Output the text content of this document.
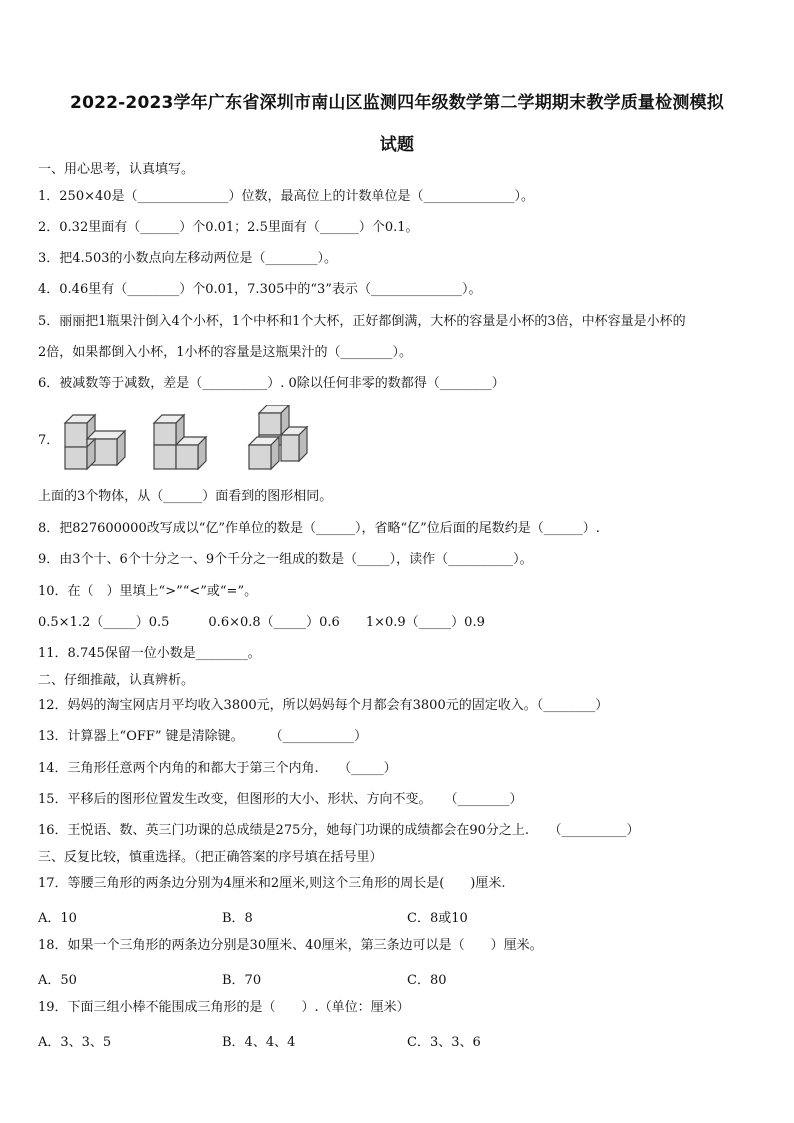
2022-2023学年广东省深圳市南山区监测四年级数学第二学期期末教学质量检测模拟
试题
一、用心思考，认真填写。
1．250×40是（______________）位数，最高位上的计数单位是（______________）。
2．0.32里面有（______）个0.01；2.5里面有（______）个0.1。
3．把4.503的小数点向左移动两位是（________）。
4．0.46里有（________）个0.01，7.305中的“3”表示（______________）。
5．丽丽把1瓶果汁倒入4个小杯，1个中杯和1个大杯，正好都倒满，大杯的容量是小杯的3倍，中杯容量是小杯的
2倍，如果都倒入小杯，1小杯的容量是这瓶果汁的（________）。
6．被减数等于减数，差是（__________）. 0除以任何非零的数都得（________）
7．
上面的3个物体，从（______）面看到的图形相同。
8．把827600000改写成以“亿”作单位的数是（______），省略“亿”位后面的尾数约是（______）.
9．由3个十、6个十分之一、9个千分之一组成的数是（_____），读作（__________）。
10．在（　）里填上“>”“<”或“=”。
0.5×1.2（_____）0.5　　　0.6×0.8（_____）0.6　　1×0.9（_____）0.9
11．8.745保留一位小数是________。
二、仔细推敲，认真辨析。
12．妈妈的淘宝网店月平均收入3800元，所以妈妈每个月都会有3800元的固定收入。（________）
13．计算器上“OFF” 键是清除键。　　　（___________）
14．三角形任意两个内角的和都大于第三个内角.　　（_____）
15．平移后的图形位置发生改变，但图形的大小、形状、方向不变。　　（________）
16．王悦语、数、英三门功课的总成绩是275分，她每门功课的成绩都会在90分之上.　　（__________）
三、反复比较，慎重选择。（把正确答案的序号填在括号里）
17．等腰三角形的两条边分别为4厘米和2厘米,则这个三角形的周长是(　　)厘米.
A．10	B．8	C．8或10
18．如果一个三角形的两条边分别是30厘米、40厘米，第三条边可以是（　　）厘米。
A．50	B．70	C．80
19．下面三组小棒不能围成三角形的是（　　）.（单位：厘米）
A．3、3、5	B．4、4、4	C．3、3、6
